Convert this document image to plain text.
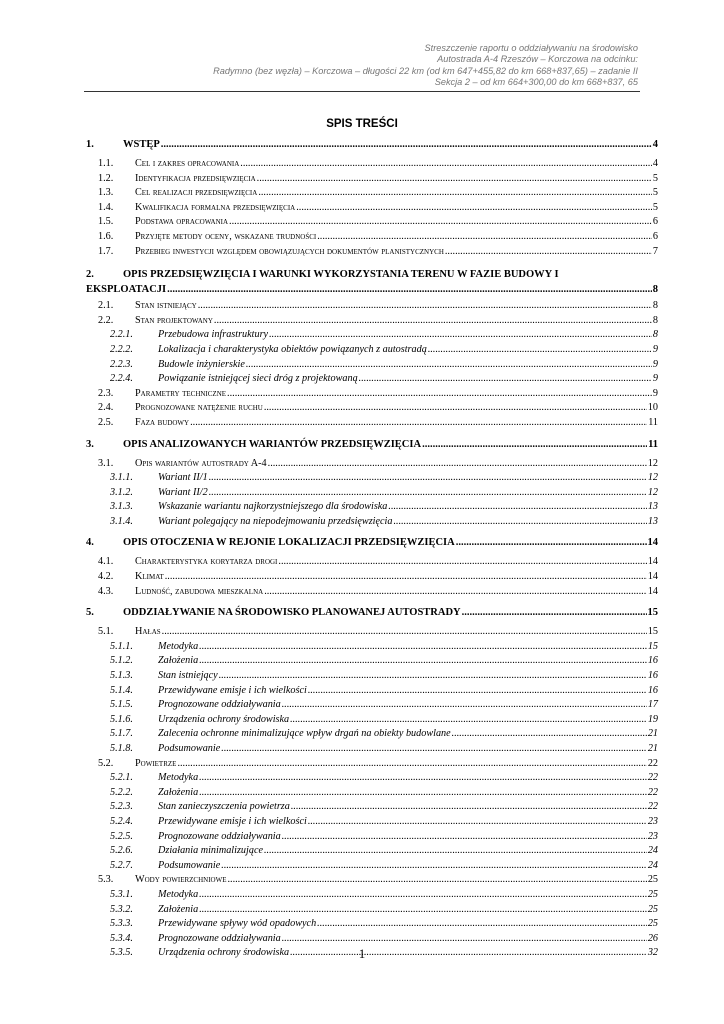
Streszczenie raportu o oddziaływaniu na środowisko
Autostrada A-4 Rzeszów – Korczowa na odcinku:
Radymno (bez węzła) – Korczowa – długości 22 km (od km 647+455,82 do km 668+837,65) – zadanie II
Sekcja 2 – od km 664+300,00 do km 668+837, 65
SPIS TREŚCI
1.	WSTĘP .....	4
1.1.	Cel i zakres opracowania .....	4
1.2.	Identyfikacja przedsięwzięcia .....	5
1.3.	Cel realizacji przedsięwzięcia .....	5
1.4.	Kwalifikacja formalna przedsięwzięcia .....	5
1.5.	Podstawa opracowania .....	6
1.6.	Przyjęte metody oceny, wskazane trudności .....	6
1.7.	Przebieg inwestycji względem obowiązujących dokumentów planistycznych .....	7
2.	OPIS PRZEDSIĘWZIĘCIA I WARUNKI WYKORZYSTANIA TERENU W FAZIE BUDOWY I
EKSPLOATACJI .....	8
2.1.	Stan istniejący .....	8
2.2.	Stan projektowany .....	8
2.2.1.	Przebudowa infrastruktury .....	8
2.2.2.	Lokalizacja i charakterystyka obiektów powiązanych z autostradą .....	9
2.2.3.	Budowle inżynierskie .....	9
2.2.4.	Powiązanie istniejącej sieci dróg z projektowaną .....	9
2.3.	Parametry techniczne .....	9
2.4.	Prognozowane natężenie ruchu .....	10
2.5.	Faza budowy .....	11
3.	OPIS ANALIZOWANYCH WARIANTÓW PRZEDSIĘWZIĘCIA .....	11
3.1.	Opis wariantów autostrady A-4 .....	12
3.1.1.	Wariant II/1 .....	12
3.1.2.	Wariant II/2 .....	12
3.1.3.	Wskazanie wariantu najkorzystniejszego dla środowiska .....	13
3.1.4.	Wariant polegający na niepodejmowaniu przedsięwzięcia .....	13
4.	OPIS OTOCZENIA W REJONIE LOKALIZACJI PRZEDSIĘWZIĘCIA .....	14
4.1.	Charakterystyka korytarza drogi .....	14
4.2.	Klimat .....	14
4.3.	Ludność, zabudowa mieszkalna .....	14
5.	ODDZIAŁYWANIE NA ŚRODOWISKO PLANOWANEJ AUTOSTRADY .....	15
5.1.	Hałas .....	15
5.1.1.	Metodyka .....	15
5.1.2.	Założenia .....	16
5.1.3.	Stan istniejący .....	16
5.1.4.	Przewidywane emisje i ich wielkości .....	16
5.1.5.	Prognozowane oddziaływania .....	17
5.1.6.	Urządzenia ochrony środowiska .....	19
5.1.7.	Zalecenia ochronne minimalizujące wpływ drgań na obiekty budowlane .....	21
5.1.8.	Podsumowanie .....	21
5.2.	Powietrze .....	22
5.2.1.	Metodyka .....	22
5.2.2.	Założenia .....	22
5.2.3.	Stan zanieczyszczenia powietrza .....	22
5.2.4.	Przewidywane emisje i ich wielkości .....	23
5.2.5.	Prognozowane oddziaływania .....	23
5.2.6.	Działania minimalizujące .....	24
5.2.7.	Podsumowanie .....	24
5.3.	Wody powierzchniowe .....	25
5.3.1.	Metodyka .....	25
5.3.2.	Założenia .....	25
5.3.3.	Przewidywane spływy wód opadowych .....	25
5.3.4.	Prognozowane oddziaływania .....	26
5.3.5.	Urządzenia ochrony środowiska .....	32
1
